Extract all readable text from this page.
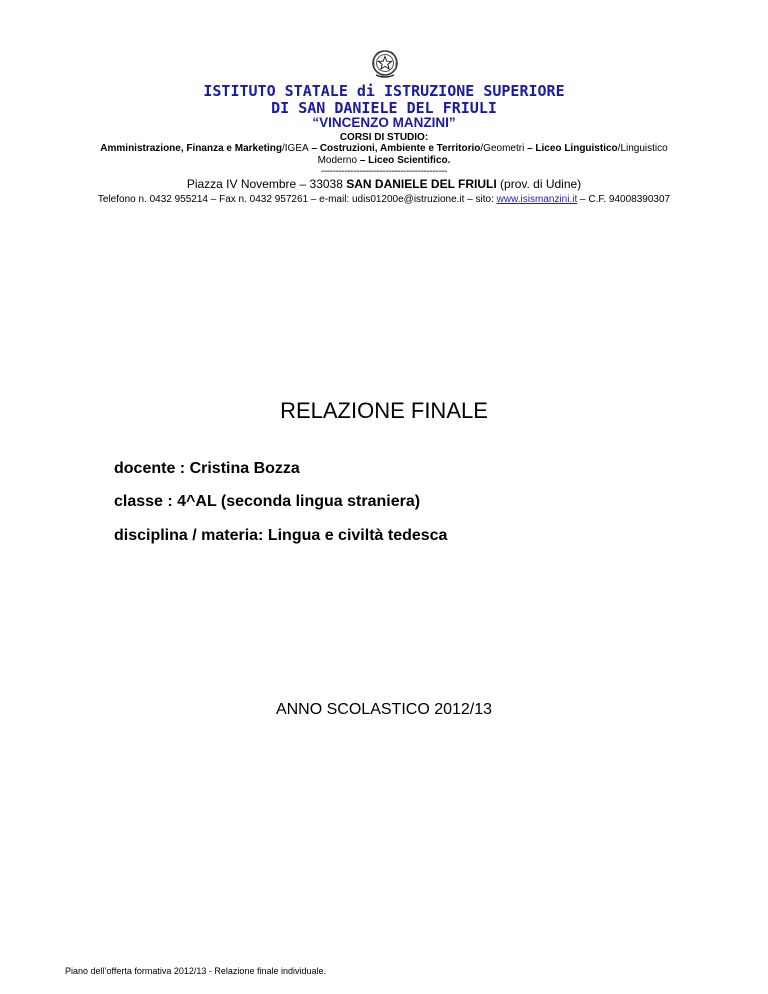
ISTITUTO STATALE di ISTRUZIONE SUPERIORE
DI SAN DANIELE DEL FRIULI
“VINCENZO MANZINI”
CORSI DI STUDIO:
Amministrazione, Finanza e Marketing/IGEA – Costruzioni, Ambiente e Territorio/Geometri – Liceo Linguistico/Linguistico
Moderno – Liceo Scientifico.
-------------------------------------------
Piazza IV Novembre – 33038 SAN DANIELE DEL FRIULI (prov. di Udine)
Telefono n. 0432 955214 – Fax n. 0432 957261 – e-mail: udis01200e@istruzione.it – sito: www.isismanzini.it – C.F. 94008390307
RELAZIONE FINALE
docente : Cristina Bozza
classe : 4^AL (seconda lingua straniera)
disciplina / materia: Lingua e civiltà tedesca
ANNO SCOLASTICO 2012/13
Piano dell’offerta formativa 2012/13 - Relazione finale individuale.
